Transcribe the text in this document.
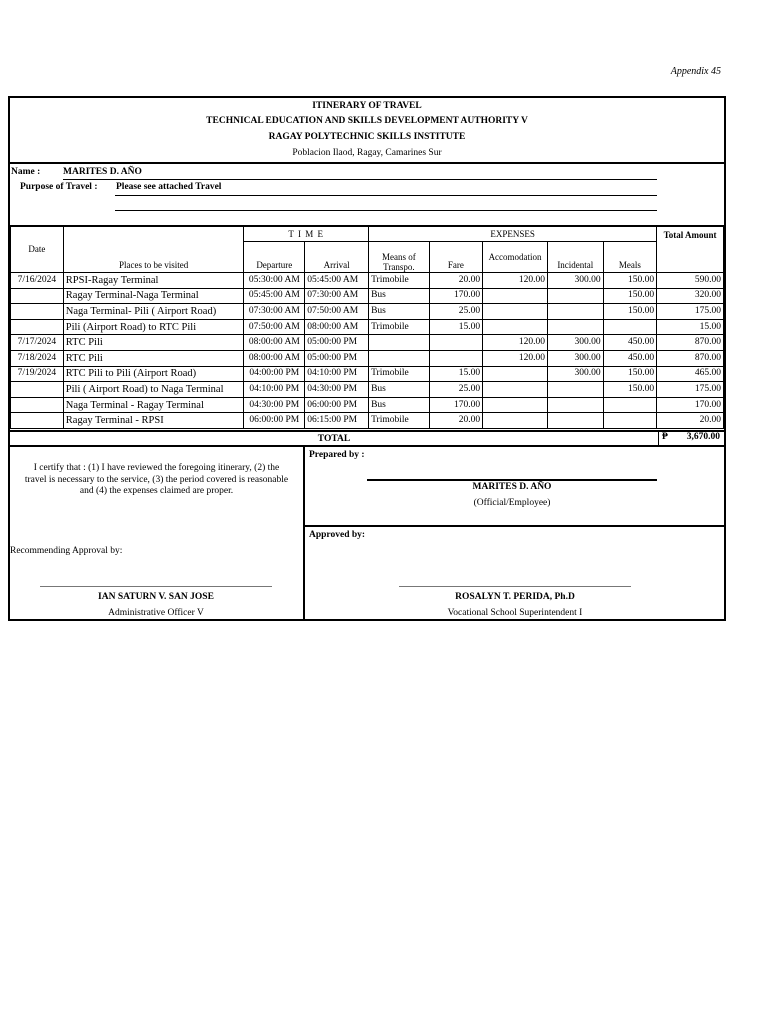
Appendix 45
ITINERARY OF TRAVEL
TECHNICAL EDUCATION AND SKILLS DEVELOPMENT AUTHORITY V
RAGAY POLYTECHNIC SKILLS INSTITUTE
Poblacion Ilaod, Ragay, Camarines Sur
Name : MARITES D. AÑO
Purpose of Travel : Please see attached Travel
Date	Places to be visited	T I M E		EXPENSES					Total Amount
		Departure	Arrival	Means of Transpo.	Fare	Accomodation	Incidental	Meals	
7/16/2024	RPSI-Ragay Terminal	05:30:00 AM	05:45:00 AM	Trimobile	20.00	120.00	300.00	150.00	590.00
	Ragay Terminal-Naga Terminal	05:45:00 AM	07:30:00 AM	Bus	170.00			150.00	320.00
	Naga Terminal- Pili ( Airport Road)	07:30:00 AM	07:50:00 AM	Bus	25.00			150.00	175.00
	Pili (Airport Road) to RTC Pili	07:50:00 AM	08:00:00 AM	Trimobile	15.00				15.00
7/17/2024	RTC Pili	08:00:00 AM	05:00:00 PM			120.00	300.00	450.00	870.00
7/18/2024	RTC Pili	08:00:00 AM	05:00:00 PM			120.00	300.00	450.00	870.00
7/19/2024	RTC Pili to Pili (Airport Road)	04:00:00 PM	04:10:00 PM	Trimobile	15.00		300.00	150.00	465.00
	Pili ( Airport Road) to Naga Terminal	04:10:00 PM	04:30:00 PM	Bus	25.00			150.00	175.00
	Naga Terminal - Ragay Terminal	04:30:00 PM	06:00:00 PM	Bus	170.00				170.00
	Ragay Terminal - RPSI	06:00:00 PM	06:15:00 PM	Trimobile	20.00				20.00
TOTAL	₱	3,670.00
I certify that : (1) I have reviewed the foregoing itinerary, (2) the
travel is necessary to the service, (3) the period covered is reasonable
and (4) the expenses claimed are proper.
Prepared by :
MARITES D. AÑO
(Official/Employee)
Recommending Approval by:
Approved by:
IAN SATURN V. SAN JOSE
Administrative Officer V
ROSALYN T. PERIDA, Ph.D
Vocational School Superintendent I
